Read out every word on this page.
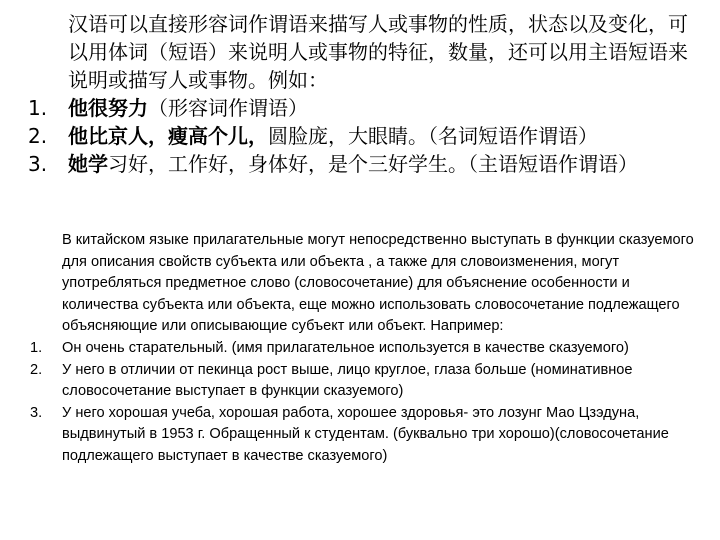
汉语可以直接形容词作谓语来描写人或事物的性质，状态以及变化，可以用体词（短语）来说明人或事物的特征，数量，还可以用主语短语来说明或描写人或事物。例如：

1.	他很努力（形容词作谓语）
2.	他比京人，瘦高个儿，圆脸庞，大眼睛。（名词短语作谓语）
3.	她学习好，工作好，身体好，是个三好学生。（主语短语作谓语）

В китайском языке прилагательные могут непосредственно выступать в функции сказуемого для описания свойств субъекта или объекта , а также для словоизменения, могут употребляться предметное слово (словосочетание) для объяснение особенности и количества субъекта или объекта, еще можно использовать словосочетание подлежащего объясняющие или описывающие субъект или объект. Например:

1.	Он очень старательный. (имя прилагательное используется в качестве сказуемого)
2.	У него в отличии от пекинца рост выше, лицо круглое, глаза больше (номинативное словосочетание выступает в функции сказуемого)
3.	У него хорошая учеба, хорошая работа, хорошее здоровья- это лозунг Мао Цзэдуна, выдвинутый в 1953 г. Обращенный к студентам. (буквально три хорошо)(словосочетание подлежащего выступает в качестве сказуемого)
